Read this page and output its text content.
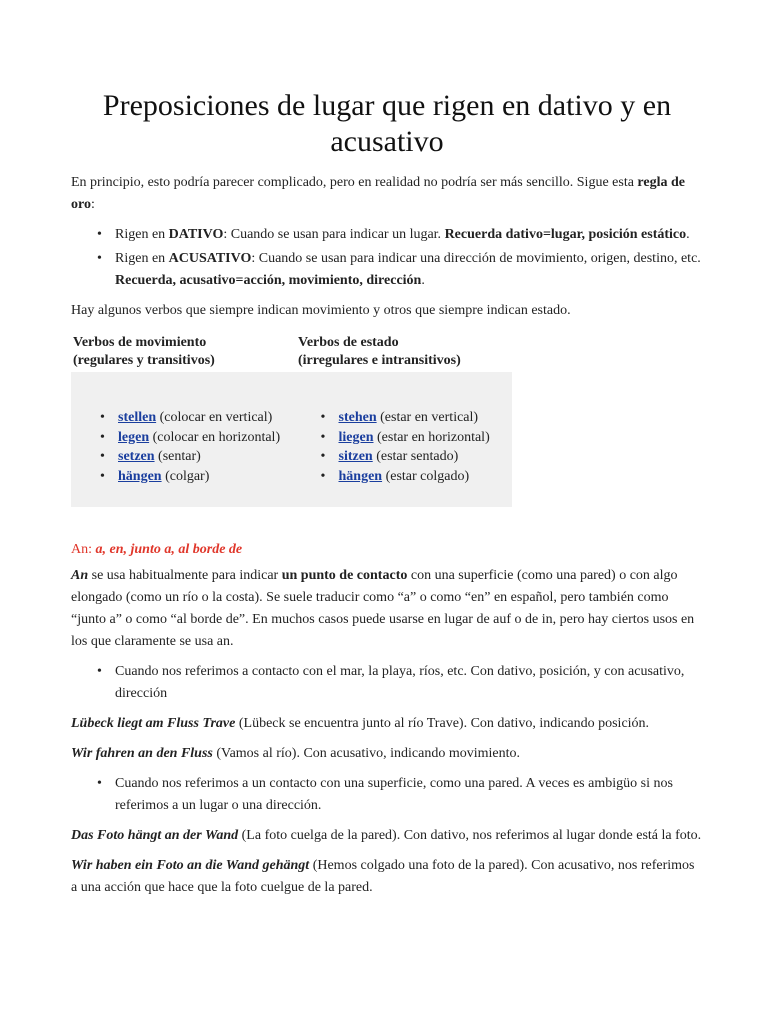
Preposiciones de lugar que rigen en dativo y en acusativo

En principio, esto podría parecer complicado, pero en realidad no podría ser más sencillo. Sigue esta regla de oro:

• Rigen en DATIVO: Cuando se usan para indicar un lugar. Recuerda dativo=lugar, posición estático.
• Rigen en ACUSATIVO: Cuando se usan para indicar una dirección de movimiento, origen, destino, etc. Recuerda, acusativo=acción, movimiento, dirección.

Hay algunos verbos que siempre indican movimiento y otros que siempre indican estado.

Verbos de movimiento
(regulares y transitivos)
Verbos de estado
(irregulares e intransitivos)
• stellen (colocar en vertical)
• legen (colocar en horizontal)
• setzen (sentar)
• hängen (colgar)
• stehen (estar en vertical)
• liegen (estar en horizontal)
• sitzen (estar sentado)
• hängen (estar colgado)

An: a, en, junto a, al borde de

An se usa habitualmente para indicar un punto de contacto con una superficie (como una pared) o con algo elongado (como un río o la costa). Se suele traducir como “a” o como “en” en español, pero también como “junto a” o como “al borde de”. En muchos casos puede usarse en lugar de auf o de in, pero hay ciertos usos en los que claramente se usa an.

• Cuando nos referimos a contacto con el mar, la playa, ríos, etc. Con dativo, posición, y con acusativo, dirección

Lübeck liegt am Fluss Trave (Lübeck se encuentra junto al río Trave). Con dativo, indicando posición.

Wir fahren an den Fluss (Vamos al río). Con acusativo, indicando movimiento.

• Cuando nos referimos a un contacto con una superficie, como una pared. A veces es ambigüo si nos referimos a un lugar o una dirección.

Das Foto hängt an der Wand (La foto cuelga de la pared). Con dativo, nos referimos al lugar donde está la foto.

Wir haben ein Foto an die Wand gehängt (Hemos colgado una foto de la pared). Con acusativo, nos referimos a una acción que hace que la foto cuelgue de la pared.
